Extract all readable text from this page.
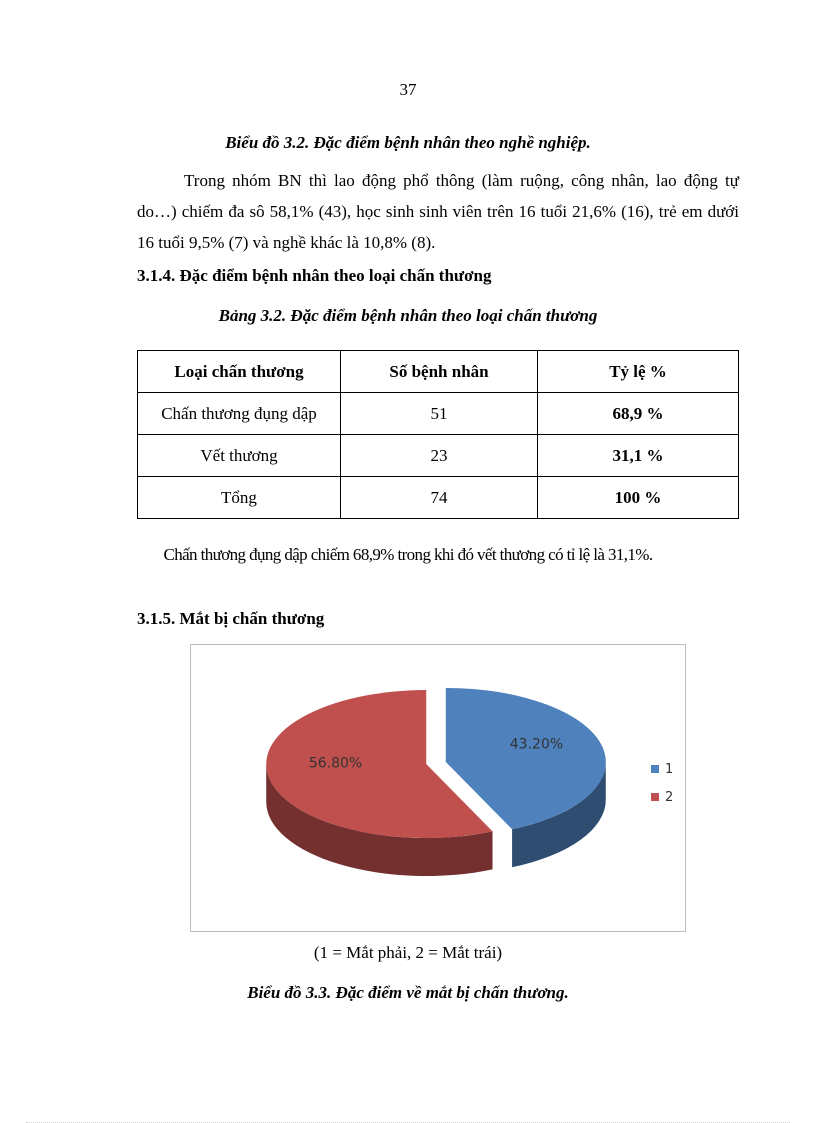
37
Biểu đồ 3.2. Đặc điểm bệnh nhân theo nghề nghiệp.
Trong nhóm BN thì lao động phổ thông (làm ruộng, công nhân, lao động tự do…) chiếm đa sô 58,1% (43), học sinh sinh viên trên 16 tuổi 21,6% (16), trẻ em dưới 16 tuổi 9,5% (7) và nghề khác là 10,8% (8).
3.1.4. Đặc điểm bệnh nhân theo loại chấn thương
Bảng 3.2. Đặc điểm bệnh nhân theo loại chấn thương
Loại chấn thương	Số bệnh nhân	Tỷ lệ %
Chấn thương đụng dập	51	68,9 %
Vết thương	23	31,1 %
Tổng	74	100 %
Chấn thương đụng dập chiếm 68,9% trong khi đó vết thương có tỉ lệ là 31,1%.
3.1.5. Mắt bị chấn thương
43.20%
56.80%	1
2
(1 = Mắt phải, 2 = Mắt trái)
Biểu đồ 3.3. Đặc điểm về mắt bị chấn thương.
